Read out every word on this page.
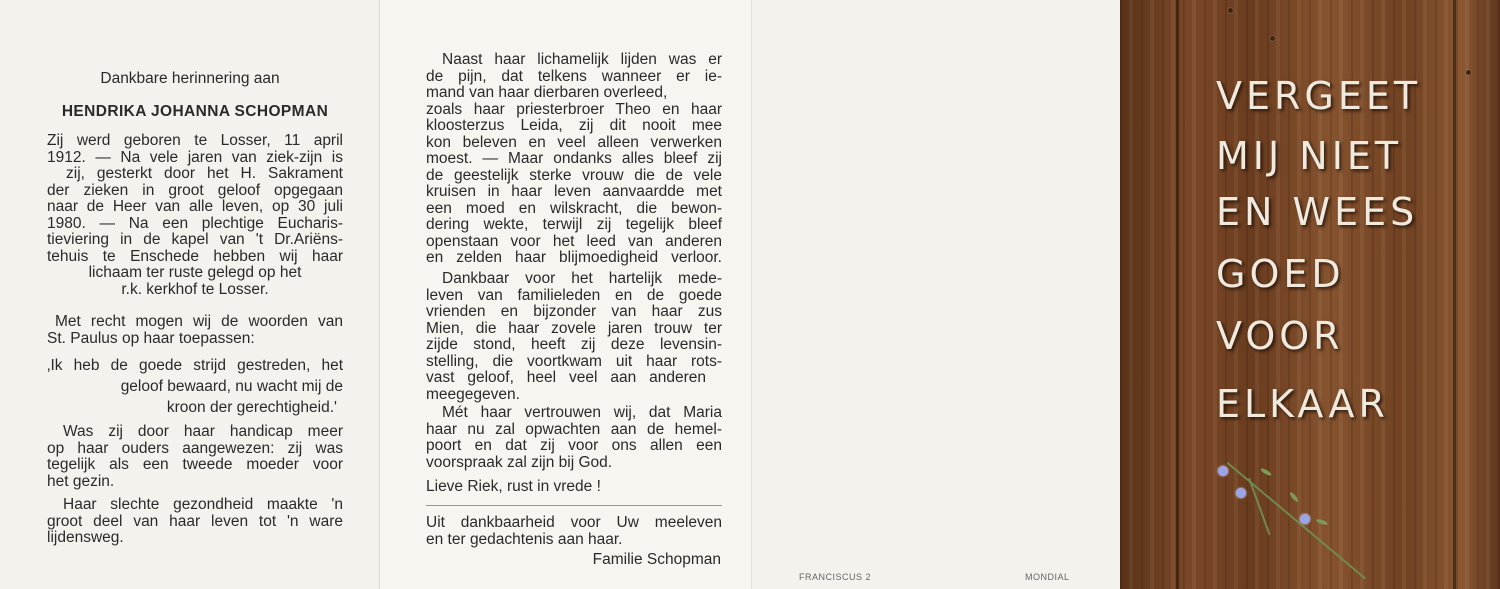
Dankbare herinnering aan
HENDRIKA JOHANNA SCHOPMAN
Zij werd geboren te Losser, 11 april
1912. — Na vele jaren van ziek-zijn is
zij, gesterkt door het H. Sakrament
der zieken in groot geloof opgegaan
naar de Heer van alle leven, op 30 juli
1980. — Na een plechtige Eucharis-
tieviering in de kapel van 't Dr.Ariëns-
tehuis te Enschede hebben wij haar
lichaam ter ruste gelegd op het
r.k. kerkhof te Losser.
Met recht mogen wij de woorden van
St. Paulus op haar toepassen:
‚Ik heb de goede strijd gestreden, het
geloof bewaard, nu wacht mij de
kroon der gerechtigheid.'
Was zij door haar handicap meer
op haar ouders aangewezen: zij was
tegelijk als een tweede moeder voor
het gezin.
Haar slechte gezondheid maakte 'n
groot deel van haar leven tot 'n ware
lijdensweg.
Naast haar lichamelijk lijden was er
de pijn, dat telkens wanneer er ie-
mand van haar dierbaren overleed,
zoals haar priesterbroer Theo en haar
kloosterzus Leida, zij dit nooit mee
kon beleven en veel alleen verwerken
moest. — Maar ondanks alles bleef zij
de geestelijk sterke vrouw die de vele
kruisen in haar leven aanvaardde met
een moed en wilskracht, die bewon-
dering wekte, terwijl zij tegelijk bleef
openstaan voor het leed van anderen
en zelden haar blijmoedigheid verloor.
Dankbaar voor het hartelijk mede-
leven van familieleden en de goede
vrienden en bijzonder van haar zus
Mien, die haar zovele jaren trouw ter
zijde stond, heeft zij deze levensin-
stelling, die voortkwam uit haar rots-
vast geloof, heel veel aan anderen
meegegeven.
Mét haar vertrouwen wij, dat Maria
haar nu zal opwachten aan de hemel-
poort en dat zij voor ons allen een
voorspraak zal zijn bij God.
Lieve Riek, rust in vrede !
Uit dankbaarheid voor Uw meeleven
en ter gedachtenis aan haar.
Familie Schopman
FRANCISCUS 2	MONDIAL
VERGEET
MIJ NIET
EN WEES
GOED
VOOR
ELKAAR
